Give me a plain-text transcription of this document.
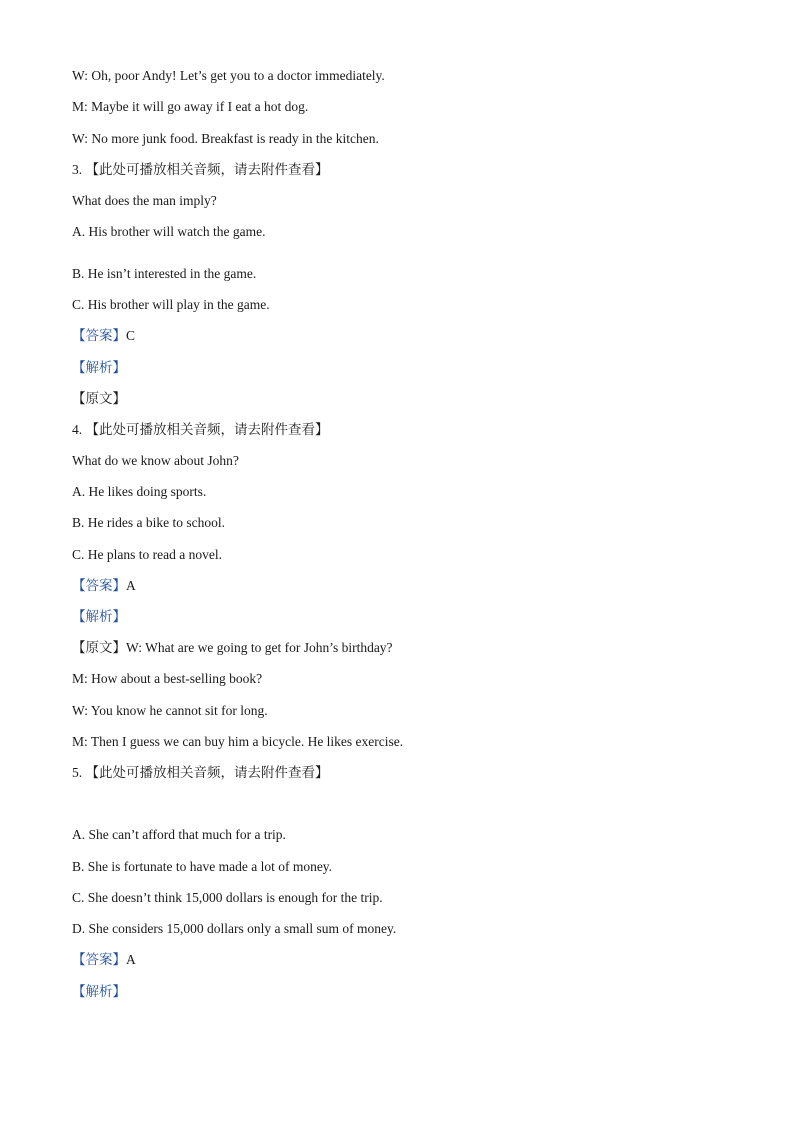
W: Oh, poor Andy! Let’s get you to a doctor immediately.
M: Maybe it will go away if I eat a hot dog.
W: No more junk food. Breakfast is ready in the kitchen.
3. 【此处可播放相关音频，请去附件查看】
What does the man imply?
A. His brother will watch the game.
B. He isn’t interested in the game.
C. His brother will play in the game.
【答案】C
【解析】
【原文】
4. 【此处可播放相关音频，请去附件查看】
What do we know about John?
A. He likes doing sports.
B. He rides a bike to school.
C. He plans to read a novel.
【答案】A
【解析】
【原文】W: What are we going to get for John’s birthday?
M: How about a best-selling book?
W: You know he cannot sit for long.
M: Then I guess we can buy him a bicycle. He likes exercise.
5. 【此处可播放相关音频，请去附件查看】
A. She can’t afford that much for a trip.
B. She is fortunate to have made a lot of money.
C. She doesn’t think 15,000 dollars is enough for the trip.
D. She considers 15,000 dollars only a small sum of money.
【答案】A
【解析】
